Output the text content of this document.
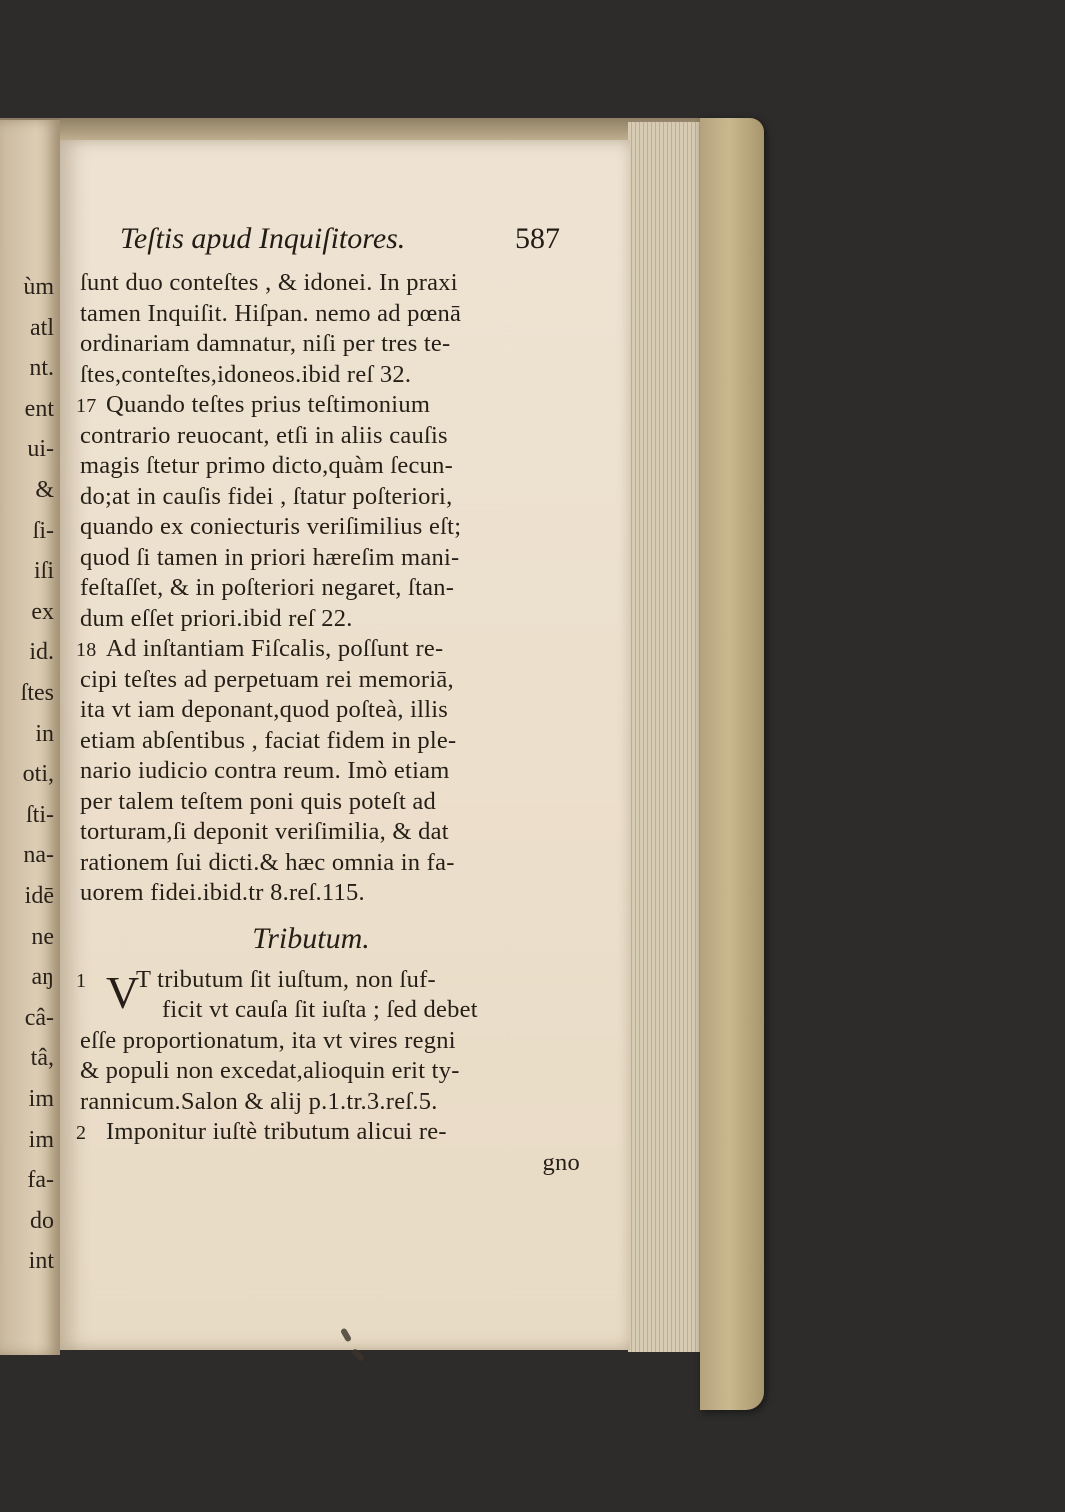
ùm
atl
nt.
ent
ui-
&
ſi-
iſi
ex
id.
ſtes
in
oti,
ſti-
na-
idē
ne
aŋ
câ-
tâ,
im
im
fa-
do
int
Teſtis apud Inquiſitores.	587
ſunt duo conteſtes , & idonei. In praxi
tamen Inquiſit. Hiſpan. nemo ad pœnā
ordinariam damnatur, niſi per tres te-
ſtes,conteſtes,idoneos.ibid reſ 32.
17 Quando teſtes prius teſtimonium
contrario reuocant, etſi in aliis cauſis
magis ſtetur primo dicto,quàm ſecun-
do;at in cauſis fidei , ſtatur poſteriori,
quando ex coniecturis veriſimilius eſt;
quod ſi tamen in priori hæreſim mani-
feſtaſſet, & in poſteriori negaret, ſtan-
dum eſſet priori.ibid reſ 22.
18 Ad inſtantiam Fiſcalis, poſſunt re-
cipi teſtes ad perpetuam rei memoriā,
ita vt iam deponant,quod poſteà, illis
etiam abſentibus , faciat fidem in ple-
nario iudicio contra reum. Imò etiam
per talem teſtem poni quis poteſt ad
torturam,ſi deponit veriſimilia, & dat
rationem ſui dicti.& hæc omnia in fa-
uorem fidei.ibid.tr 8.reſ.115.
Tributum.
1 V
T tributum ſit iuſtum, non ſuf-
ficit vt cauſa ſit iuſta ; ſed debet
eſſe proportionatum, ita vt vires regni
& populi non excedat,alioquin erit ty-
rannicum.Salon & alij p.1.tr.3.reſ.5.
2 Imponitur iuſtè tributum alicui re-
gno
